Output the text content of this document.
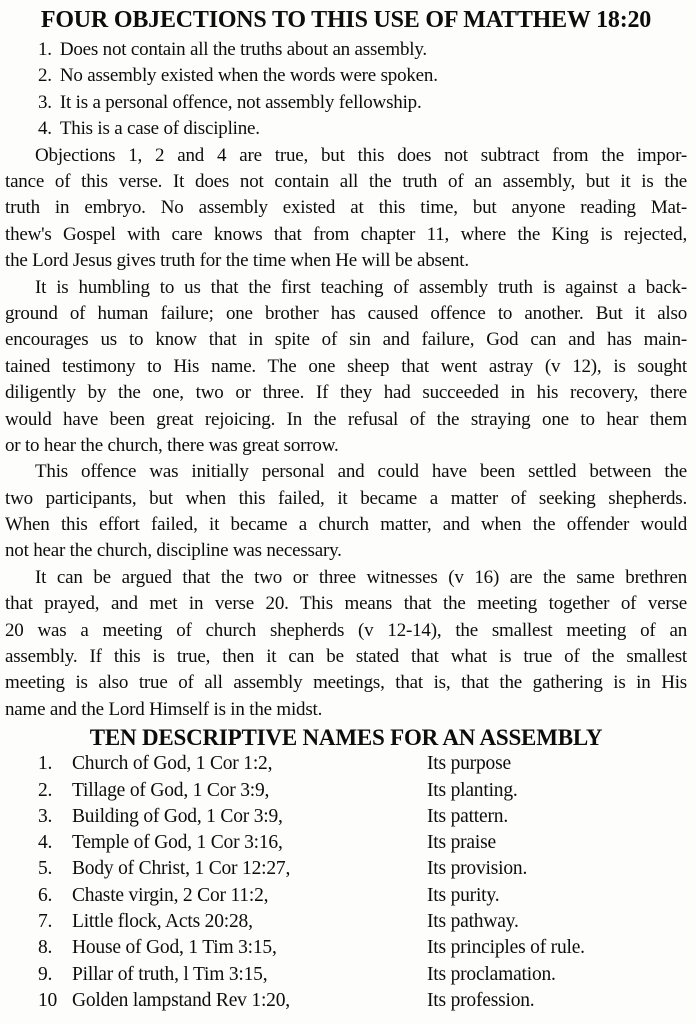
FOUR OBJECTIONS TO THIS USE OF MATTHEW 18:20
1. Does not contain all the truths about an assembly.
2. No assembly existed when the words were spoken.
3. It is a personal offence, not assembly fellowship.
4. This is a case of discipline.
Objections 1, 2 and 4 are true, but this does not subtract from the impor-
tance of this verse. It does not contain all the truth of an assembly, but it is the
truth in embryo. No assembly existed at this time, but anyone reading Mat-
thew's Gospel with care knows that from chapter 11, where the King is rejected,
the Lord Jesus gives truth for the time when He will be absent.
It is humbling to us that the first teaching of assembly truth is against a back-
ground of human failure; one brother has caused offence to another. But it also
encourages us to know that in spite of sin and failure, God can and has main-
tained testimony to His name. The one sheep that went astray (v 12), is sought
diligently by the one, two or three. If they had succeeded in his recovery, there
would have been great rejoicing. In the refusal of the straying one to hear them
or to hear the church, there was great sorrow.
This offence was initially personal and could have been settled between the
two participants, but when this failed, it became a matter of seeking shepherds.
When this effort failed, it became a church matter, and when the offender would
not hear the church, discipline was necessary.
It can be argued that the two or three witnesses (v 16) are the same brethren
that prayed, and met in verse 20. This means that the meeting together of verse
20 was a meeting of church shepherds (v 12-14), the smallest meeting of an
assembly. If this is true, then it can be stated that what is true of the smallest
meeting is also true of all assembly meetings, that is, that the gathering is in His
name and the Lord Himself is in the midst.
TEN DESCRIPTIVE NAMES FOR AN ASSEMBLY
1. Church of God, 1 Cor 1:2,	Its purpose
2. Tillage of God, 1 Cor 3:9,	Its planting.
3. Building of God, 1 Cor 3:9,	Its pattern.
4. Temple of God, 1 Cor 3:16,	Its praise
5. Body of Christ, 1 Cor 12:27,	Its provision.
6. Chaste virgin, 2 Cor 11:2,	Its purity.
7. Little flock, Acts 20:28,	Its pathway.
8. House of God, 1 Tim 3:15,	Its principles of rule.
9. Pillar of truth, l Tim 3:15,	Its proclamation.
10 Golden lampstand Rev 1:20,	Its profession.
